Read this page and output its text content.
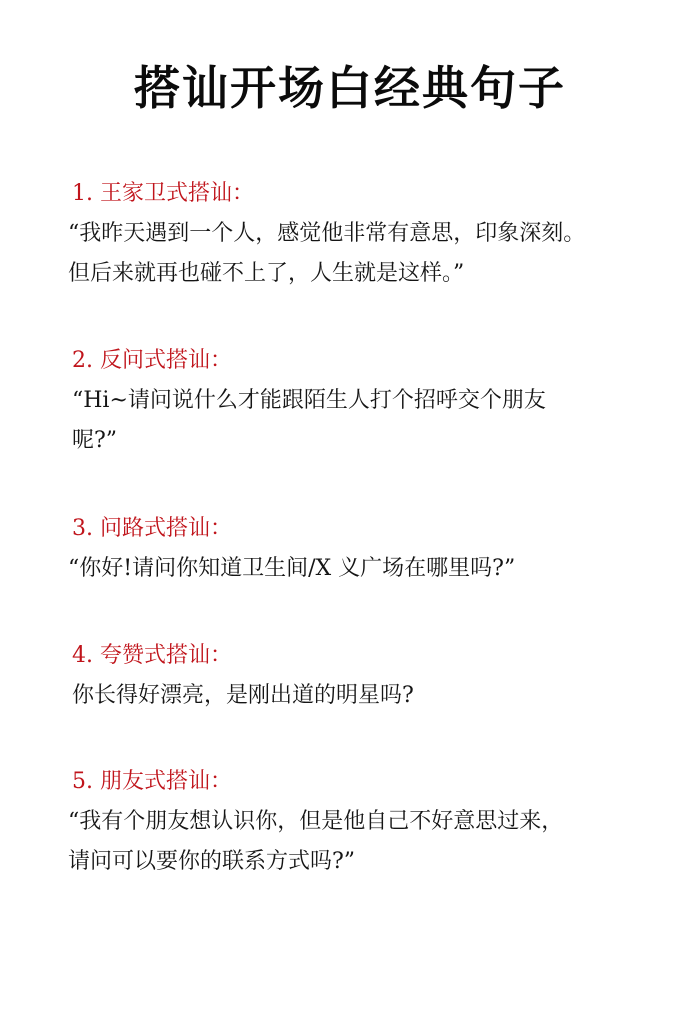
搭讪开场白经典句子
1. 王家卫式搭讪：
“我昨天遇到一个人，感觉他非常有意思，印象深刻。
但后来就再也碰不上了，人生就是这样。”
2. 反问式搭讪：
“Hi~请问说什么才能跟陌生人打个招呼交个朋友
呢?”
3. 问路式搭讪：
“你好!请问你知道卫生间/X 义广场在哪里吗?”
4. 夸赞式搭讪：
你长得好漂亮，是刚出道的明星吗?
5. 朋友式搭讪：
“我有个朋友想认识你，但是他自己不好意思过来，
请问可以要你的联系方式吗?”
